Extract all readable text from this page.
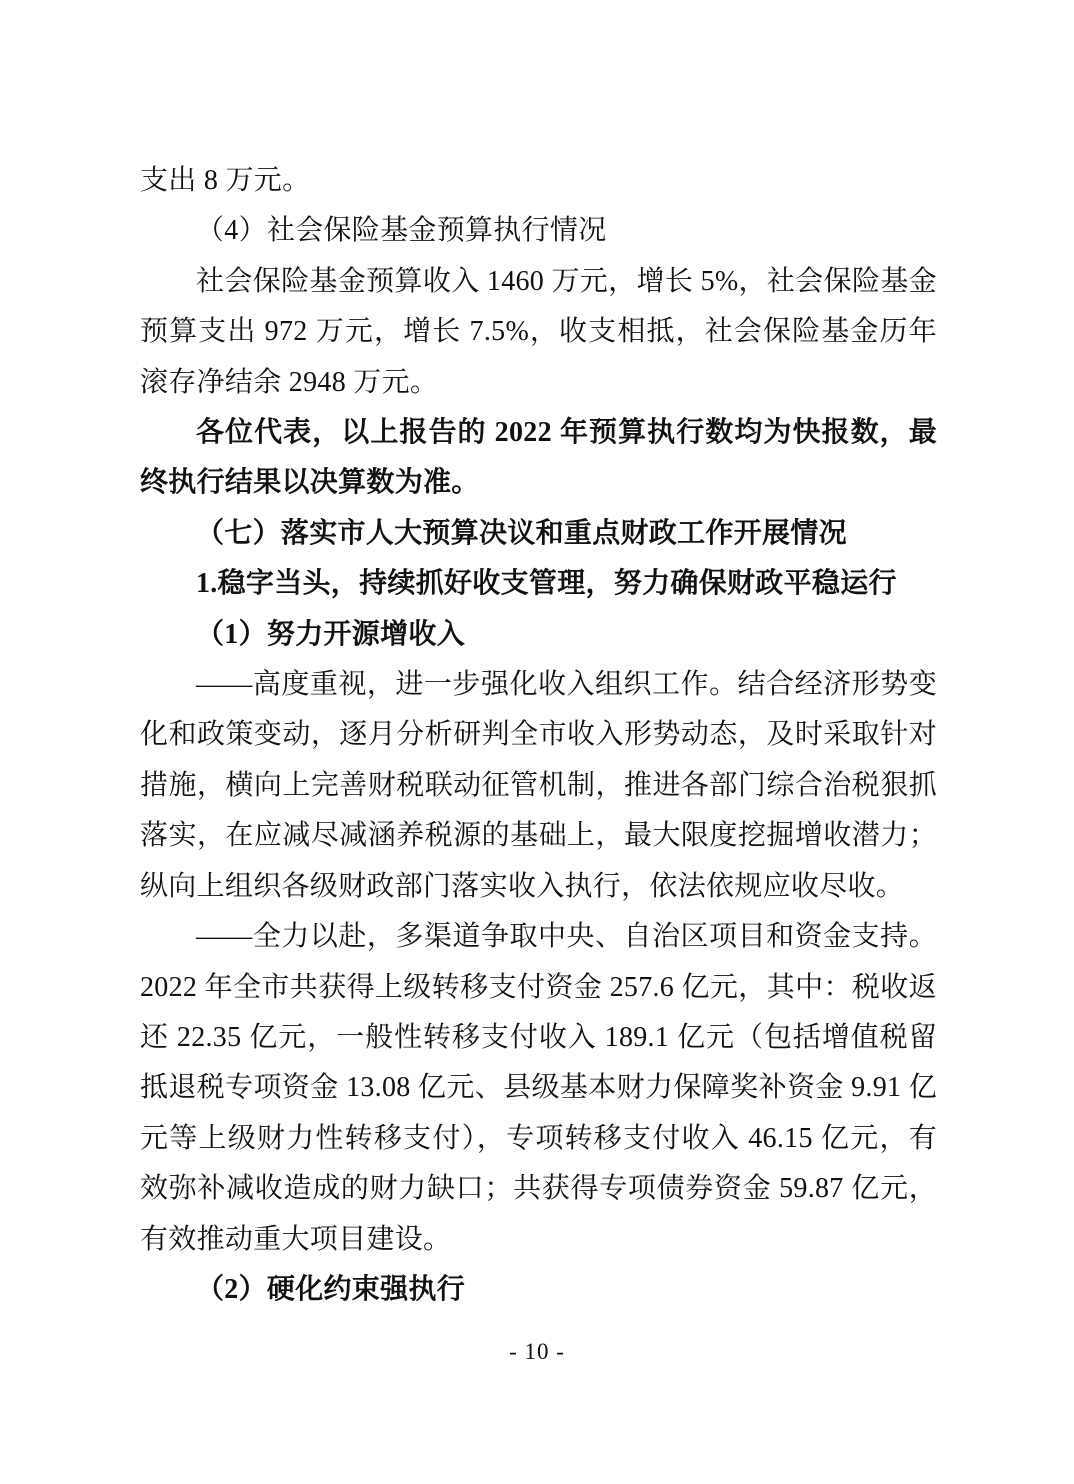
支出 8 万元。

（4）社会保险基金预算执行情况

社会保险基金预算收入 1460 万元，增长 5%，社会保险基金预算支出 972 万元，增长 7.5%，收支相抵，社会保险基金历年滚存净结余 2948 万元。

各位代表，以上报告的 2022 年预算执行数均为快报数，最终执行结果以决算数为准。

（七）落实市人大预算决议和重点财政工作开展情况

1.稳字当头，持续抓好收支管理，努力确保财政平稳运行

（1）努力开源增收入

——高度重视，进一步强化收入组织工作。结合经济形势变化和政策变动，逐月分析研判全市收入形势动态，及时采取针对措施，横向上完善财税联动征管机制，推进各部门综合治税狠抓落实，在应减尽减涵养税源的基础上，最大限度挖掘增收潜力；纵向上组织各级财政部门落实收入执行，依法依规应收尽收。

——全力以赴，多渠道争取中央、自治区项目和资金支持。2022 年全市共获得上级转移支付资金 257.6 亿元，其中：税收返还 22.35 亿元，一般性转移支付收入 189.1 亿元（包括增值税留抵退税专项资金 13.08 亿元、县级基本财力保障奖补资金 9.91 亿元等上级财力性转移支付），专项转移支付收入 46.15 亿元，有效弥补减收造成的财力缺口；共获得专项债券资金 59.87 亿元，有效推动重大项目建设。

（2）硬化约束强执行

- 10 -
